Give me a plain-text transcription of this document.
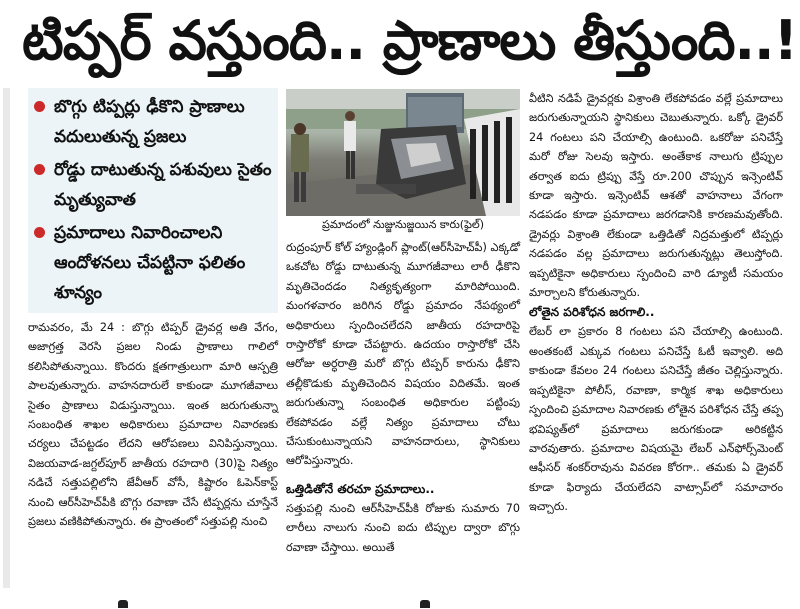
టిప్పర్ వస్తుంది.. ప్రాణాలు తీస్తుంది..!
బొగ్గు టిప్పర్లు ఢీకొని ప్రాణాలు వదులుతున్న ప్రజలు
రోడ్డు దాటుతున్న పశువులు సైతం మృత్యువాత
ప్రమాదాలు నివారించాలని ఆందోళనలు చేపట్టినా ఫలితం శూన్యం
ప్రమాదంలో నుజ్జునుజ్జయిన కారు(ఫైల్)

రామవరం, మే 24 : బొగ్గు టిప్పర్ డ్రైవర్ల అతి వేగం, అజాగ్రత్త వెరసి ప్రజల నిండు ప్రాణాలు గాలిలో కలిసిపోతున్నాయి. కొందరు క్షతగాత్రులుగా మారి ఆస్పత్రి పాలవుతున్నారు. వాహనదారులే కాకుండా మూగజీవాలు సైతం ప్రాణాలు విడుస్తున్నాయి. ఇంత జరుగుతున్నా సంబంధిత శాఖల అధికారులు ప్రమాదాల నివారణకు చర్యలు చేపట్టడం లేదని ఆరోపణలు వినిపిస్తున్నాయి. విజయవాడ-జగ్దల్‌పూర్ జాతీయ రహదారి (30)పై నిత్యం నడిచే సత్తుపల్లిలోని జేవీఆర్ వోసీ, కిష్టారం ఓపెన్‌కాస్ట్ నుంచి ఆర్‌సీహెచ్‌పీకి బొగ్గు రవాణా చేసే టిప్పర్లను చూస్తేనే ప్రజలు వణికిపోతున్నారు. ఈ ప్రాంతంలో సత్తుపల్లి నుంచి

రుద్రంపూర్ కోల్ హ్యాండ్లింగ్ ప్లాంట్(ఆర్‌సీహెచ్‌పీ) ఎక్కడో ఒకచోట రోడ్డు దాటుతున్న మూగజీవాలు లారీ ఢీకొని మృతిచెందడం నిత్యకృత్యంగా మారిపోయింది. మంగళవారం జరిగిన రోడ్డు ప్రమాదం నేపథ్యంలో అధికారులు స్పందించలేదని జాతీయ రహదారిపై రాస్తారోకో కూడా చేపట్టారు. ఉదయం రాస్తారోకో చేసి ఆరోజు అర్ధరాత్రి మరో బొగ్గు టిప్పర్ కారును ఢీకొని తల్లీకొడుకు మృతిచెందిన విషయం విదితమే. ఇంత జరుగుతున్నా సంబంధిత అధికారుల పట్టింపు లేకపోవడం వల్లే నిత్యం ప్రమాదాలు చోటు చేసుకుంటున్నాయని వాహనదారులు, స్థానికులు ఆరోపిస్తున్నారు.

ఒత్తిడితోనే తరచూ ప్రమాదాలు..

సత్తుపల్లి నుంచి ఆర్‌సీహెచ్‌పీకి రోజుకు సుమారు 70 లారీలు నాలుగు నుంచి ఐదు టిప్పుల ద్వారా బొగ్గు రవాణా చేస్తాయి. అయితే

వీటిని నడిపే డ్రైవర్లకు విశ్రాంతి లేకపోవడం వల్లే ప్రమాదాలు జరుగుతున్నాయని స్థానికులు చెబుతున్నారు. ఒక్కో డ్రైవర్ 24 గంటలు పని చేయాల్సి ఉంటుంది. ఒకరోజు పనిచేస్తే మరో రోజు సెలవు ఇస్తారు. అంతేకాక నాలుగు ట్రిప్పుల తర్వాత ఐదు ట్రిప్పు వేస్తే రూ.200 చొప్పున ఇన్సెంటివ్ కూడా ఇస్తారు. ఇన్సెంటివ్ ఆశతో వాహనాలు వేగంగా నడపడం కూడా ప్రమాదాలు జరగడానికి కారణమవుతోంది. డ్రైవర్లు విశ్రాంతి లేకుండా ఒత్తిడితో నిద్రమత్తులో టిప్పర్లు నడపడం వల్ల ప్రమాదాలు జరుగుతున్నట్లు తెలుస్తోంది. ఇప్పటికైనా అధికారులు స్పందించి వారి డ్యూటీ సమయం మార్చాలని కోరుతున్నారు.

లోతైన పరిశోధన జరగాలి..

లేబర్ లా ప్రకారం 8 గంటలు పని చేయాల్సి ఉంటుంది. అంతకంటే ఎక్కువ గంటలు పనిచేస్తే ఓటీ ఇవ్వాలి. అది కాకుండా కేవలం 24 గంటలు పనిచేస్తే జీతం చెల్లిస్తున్నారు. ఇప్పటికైనా పోలీస్, రవాణా, కార్మిక శాఖ అధికారులు స్పందించి ప్రమాదాల నివారణకు లోతైన పరిశోధన చేస్తే తప్ప భవిష్యత్‌లో ప్రమాదాలు జరుగకుండా అరికట్టిన వారవుతారు. ప్రమాదాల విషయమై లేబర్ ఎన్‌ఫోర్స్‌మెంట్ ఆఫీసర్ శంకర్‌రావును వివరణ కోరగా.. తమకు ఏ డ్రైవర్ కూడా ఫిర్యాదు చేయలేదని వాట్సాప్‌లో సమాచారం ఇచ్చారు.
